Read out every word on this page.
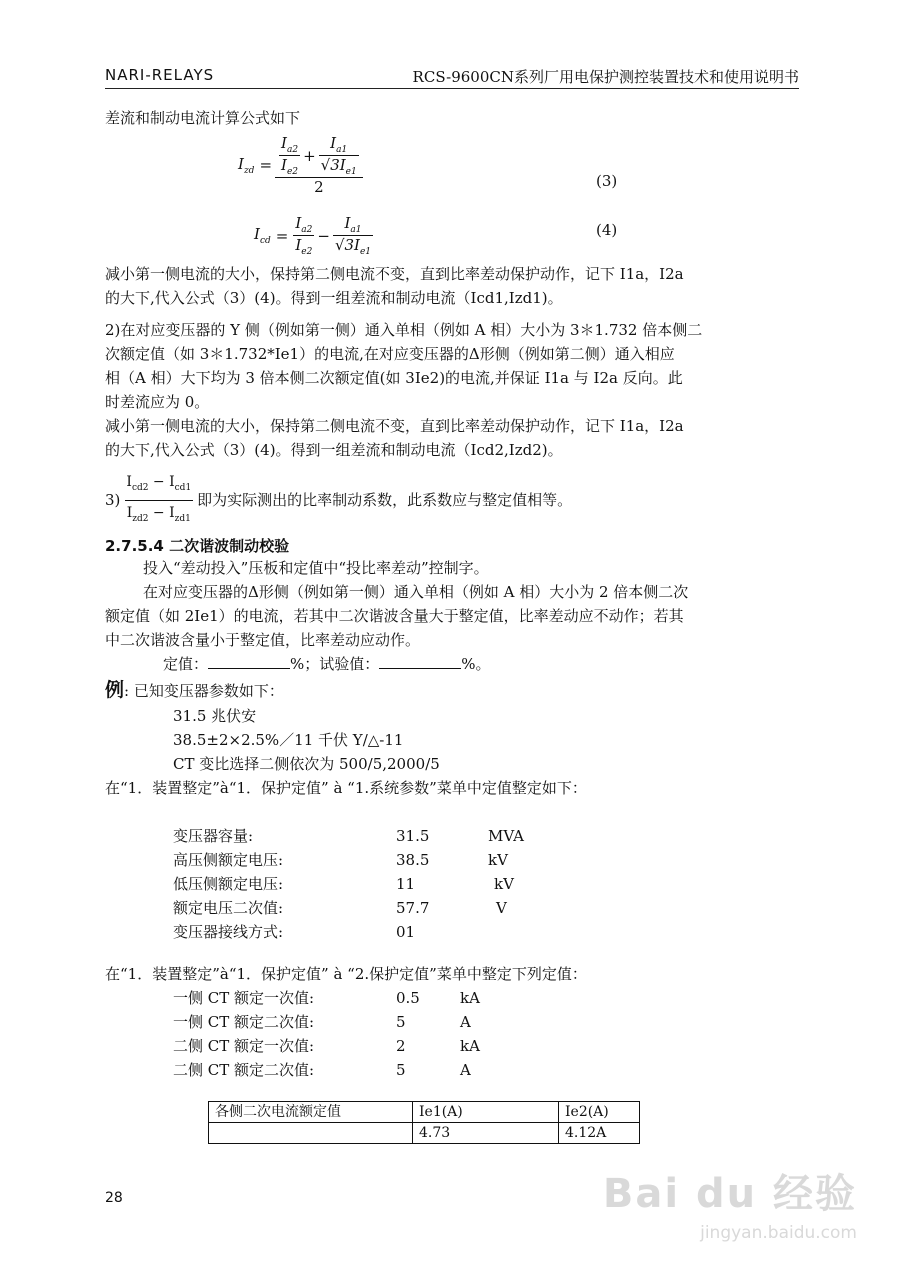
NARI-RELAYS	RCS-9600CN系列厂用电保护测控装置技术和使用说明书
差流和制动电流计算公式如下
$I_{zd} = \frac{I_{a2}}{I_{e2}} + \frac{I_{a1}}{√3I_{e1}}$
2	(3)
$I_{cd} = \frac{I_{a2}}{I_{e2}} - \frac{I_{a1}}{√3I_{e1}}$	(4)
减小第一侧电流的大小，保持第二侧电流不变，直到比率差动保护动作，记下 I1a，I2a
的大下,代入公式（3）(4)。得到一组差流和制动电流（Icd1,Izd1)。
2)在对应变压器的 Y 侧（例如第一侧）通入单相（例如 A 相）大小为 3＊1.732 倍本侧二
次额定值（如 3＊1.732*Ie1）的电流,在对应变压器的Δ形侧（例如第二侧）通入相应
相（A 相）大下均为 3 倍本侧二次额定值(如 3Ie2)的电流,并保证 I1a 与 I2a 反向。此
时差流应为 0。
减小第一侧电流的大小，保持第二侧电流不变，直到比率差动保护动作，记下 I1a，I2a
的大下,代入公式（3）(4)。得到一组差流和制动电流（Icd2,Izd2)。
$3) \frac{I_{cd2} - I_{cd1}}{I_{zd2} - I_{zd1}}$ 即为实际测出的比率制动系数，此系数应与整定值相等。
2.7.5.4 二次谐波制动校验
投入“差动投入”压板和定值中“投比率差动”控制字。
在对应变压器的Δ形侧（例如第一侧）通入单相（例如 A 相）大小为 2 倍本侧二次
额定值（如 2Ie1）的电流，若其中二次谐波含量大于整定值，比率差动应不动作；若其
中二次谐波含量小于整定值，比率差动应动作。
定值：	%；试验值：	%。
例: 已知变压器参数如下：
31.5 兆伏安
38.5±2×2.5%／11 千伏 Y/△-11
CT 变比选择二侧依次为 500/5,2000/5
在“1．装置整定”à“1．保护定值” à “1.系统参数”菜单中定值整定如下：
变压器容量:	31.5	MVA
高压侧额定电压:	38.5	kV
低压侧额定电压:	11	kV
额定电压二次值:	57.7	V
变压器接线方式:	01
在“1．装置整定”à“1．保护定值” à “2.保护定值”菜单中整定下列定值：
一侧 CT 额定一次值:	0.5	kA
一侧 CT 额定二次值:	5	A
二侧 CT 额定一次值:	2	kA
二侧 CT 额定二次值:	5	A
各侧二次电流额定值	Ie1(A)	Ie2(A)
	4.73	4.12A
28	Bai du 经验
jingyan.baidu.com
